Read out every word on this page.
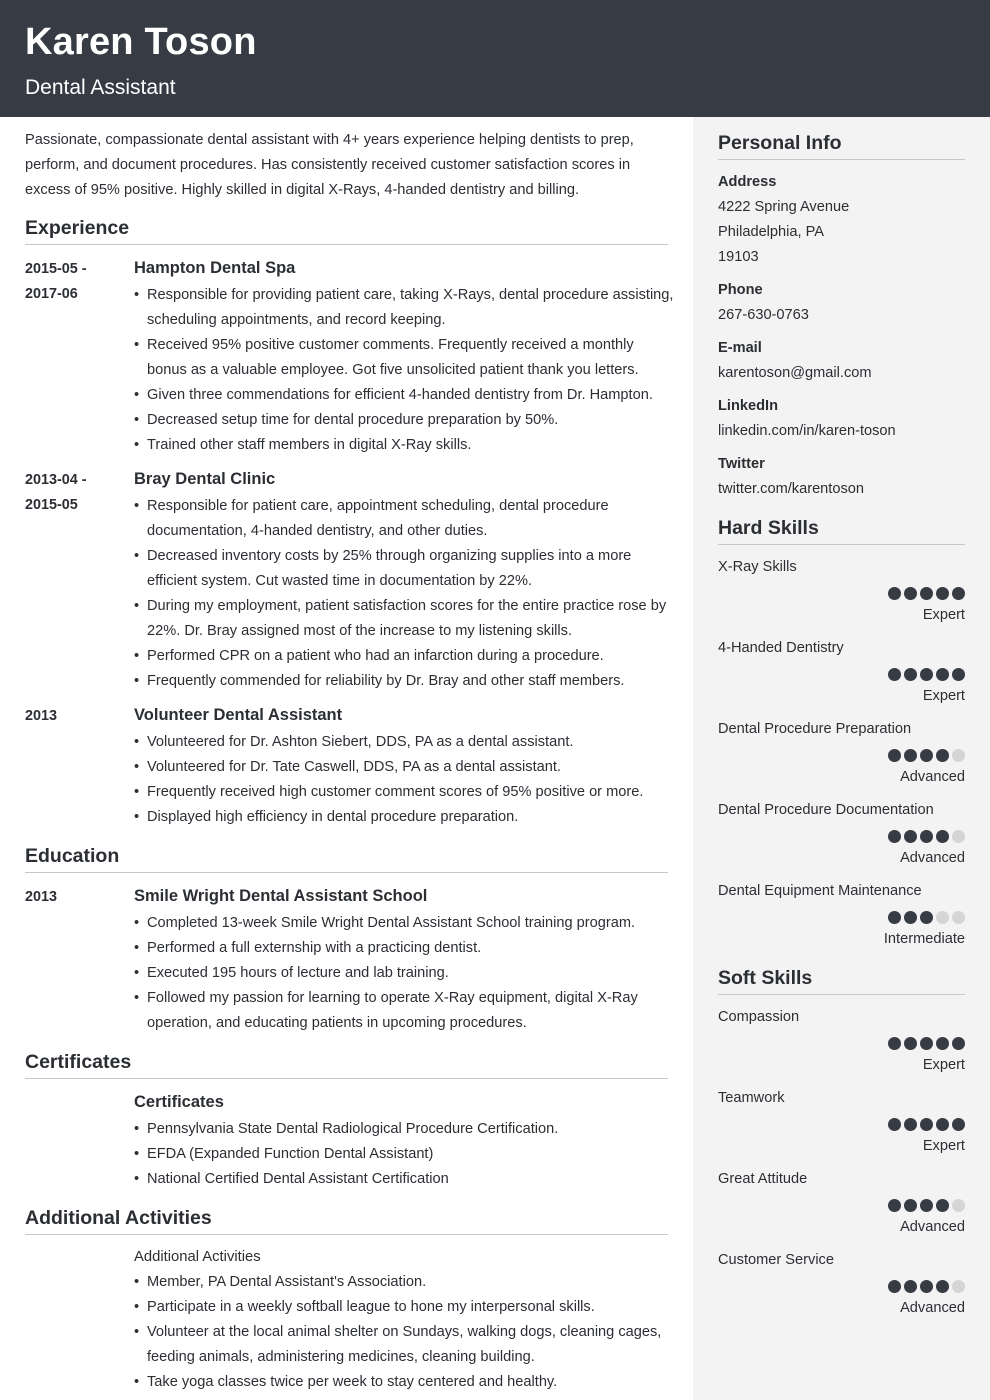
Karen Toson
Dental Assistant

Passionate, compassionate dental assistant with 4+ years experience helping dentists to prep, perform, and document procedures. Has consistently received customer satisfaction scores in excess of 95% positive. Highly skilled in digital X-Rays, 4-handed dentistry and billing.

Experience
2015-05 - 2017-06
Hampton Dental Spa
• Responsible for providing patient care, taking X-Rays, dental procedure assisting, scheduling appointments, and record keeping.
• Received 95% positive customer comments. Frequently received a monthly bonus as a valuable employee. Got five unsolicited patient thank you letters.
• Given three commendations for efficient 4-handed dentistry from Dr. Hampton.
• Decreased setup time for dental procedure preparation by 50%.
• Trained other staff members in digital X-Ray skills.
2013-04 - 2015-05
Bray Dental Clinic
• Responsible for patient care, appointment scheduling, dental procedure documentation, 4-handed dentistry, and other duties.
• Decreased inventory costs by 25% through organizing supplies into a more efficient system. Cut wasted time in documentation by 22%.
• During my employment, patient satisfaction scores for the entire practice rose by 22%. Dr. Bray assigned most of the increase to my listening skills.
• Performed CPR on a patient who had an infarction during a procedure.
• Frequently commended for reliability by Dr. Bray and other staff members.
2013	Volunteer Dental Assistant
• Volunteered for Dr. Ashton Siebert, DDS, PA as a dental assistant.
• Volunteered for Dr. Tate Caswell, DDS, PA as a dental assistant.
• Frequently received high customer comment scores of 95% positive or more.
• Displayed high efficiency in dental procedure preparation.
Education
2013	Smile Wright Dental Assistant School
• Completed 13-week Smile Wright Dental Assistant School training program.
• Performed a full externship with a practicing dentist.
• Executed 195 hours of lecture and lab training.
• Followed my passion for learning to operate X-Ray equipment, digital X-Ray operation, and educating patients in upcoming procedures.
Certificates
Certificates
• Pennsylvania State Dental Radiological Procedure Certification.
• EFDA (Expanded Function Dental Assistant)
• National Certified Dental Assistant Certification
Additional Activities
Additional Activities
• Member, PA Dental Assistant's Association.
• Participate in a weekly softball league to hone my interpersonal skills.
• Volunteer at the local animal shelter on Sundays, walking dogs, cleaning cages, feeding animals, administering medicines, cleaning building.
• Take yoga classes twice per week to stay centered and healthy.
Personal Info
Address
4222 Spring Avenue
Philadelphia, PA
19103
Phone
267-630-0763
E-mail
karentoson@gmail.com
LinkedIn
linkedin.com/in/karen-toson
Twitter
twitter.com/karentoson
Hard Skills
X-Ray Skills
Expert
4-Handed Dentistry
Expert
Dental Procedure Preparation
Advanced
Dental Procedure Documentation
Advanced
Dental Equipment Maintenance
Intermediate
Soft Skills
Compassion
Expert
Teamwork
Expert
Great Attitude
Advanced
Customer Service
Advanced
